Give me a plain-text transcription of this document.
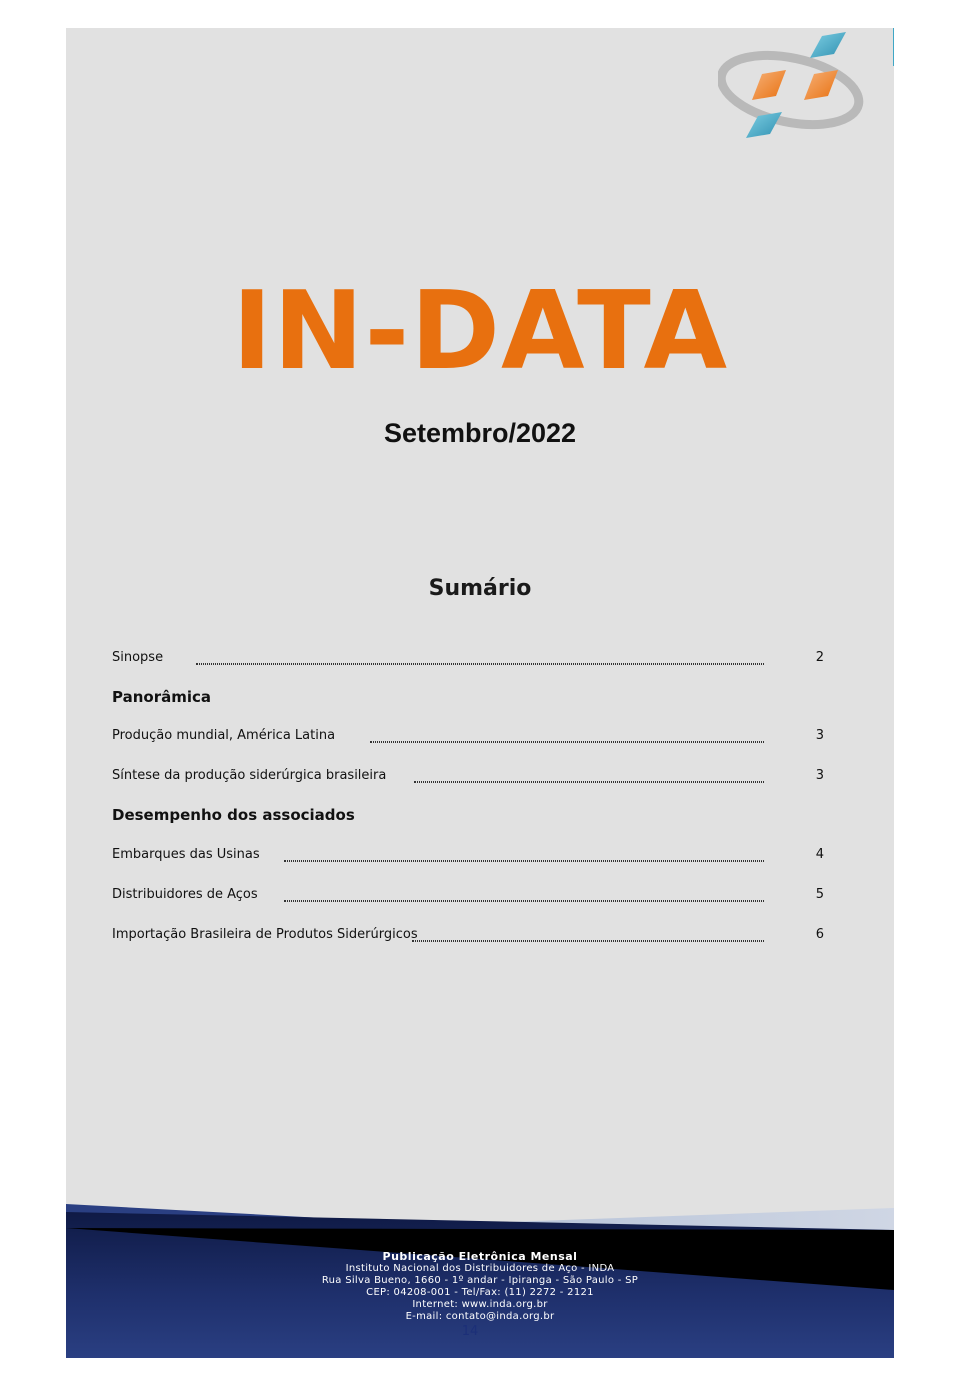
IN-DATA
Setembro/2022
Sumário
Sinopse	2
Panorâmica
Produção mundial, América Latina	3
Síntese da produção siderúrgica brasileira	3
Desempenho dos associados
Embarques das Usinas	4
Distribuidores de Aços	5
Importação Brasileira de Produtos Siderúrgicos	6
Publicação Eletrônica Mensal
Instituto Nacional dos Distribuidores de Aço - INDA
Rua Silva Bueno, 1660 - 1º andar - Ipiranga - São Paulo - SP
CEP: 04208-001 - Tel/Fax: (11) 2272 - 2121
Internet: www.inda.org.br
E-mail: contato@inda.org.br
14
